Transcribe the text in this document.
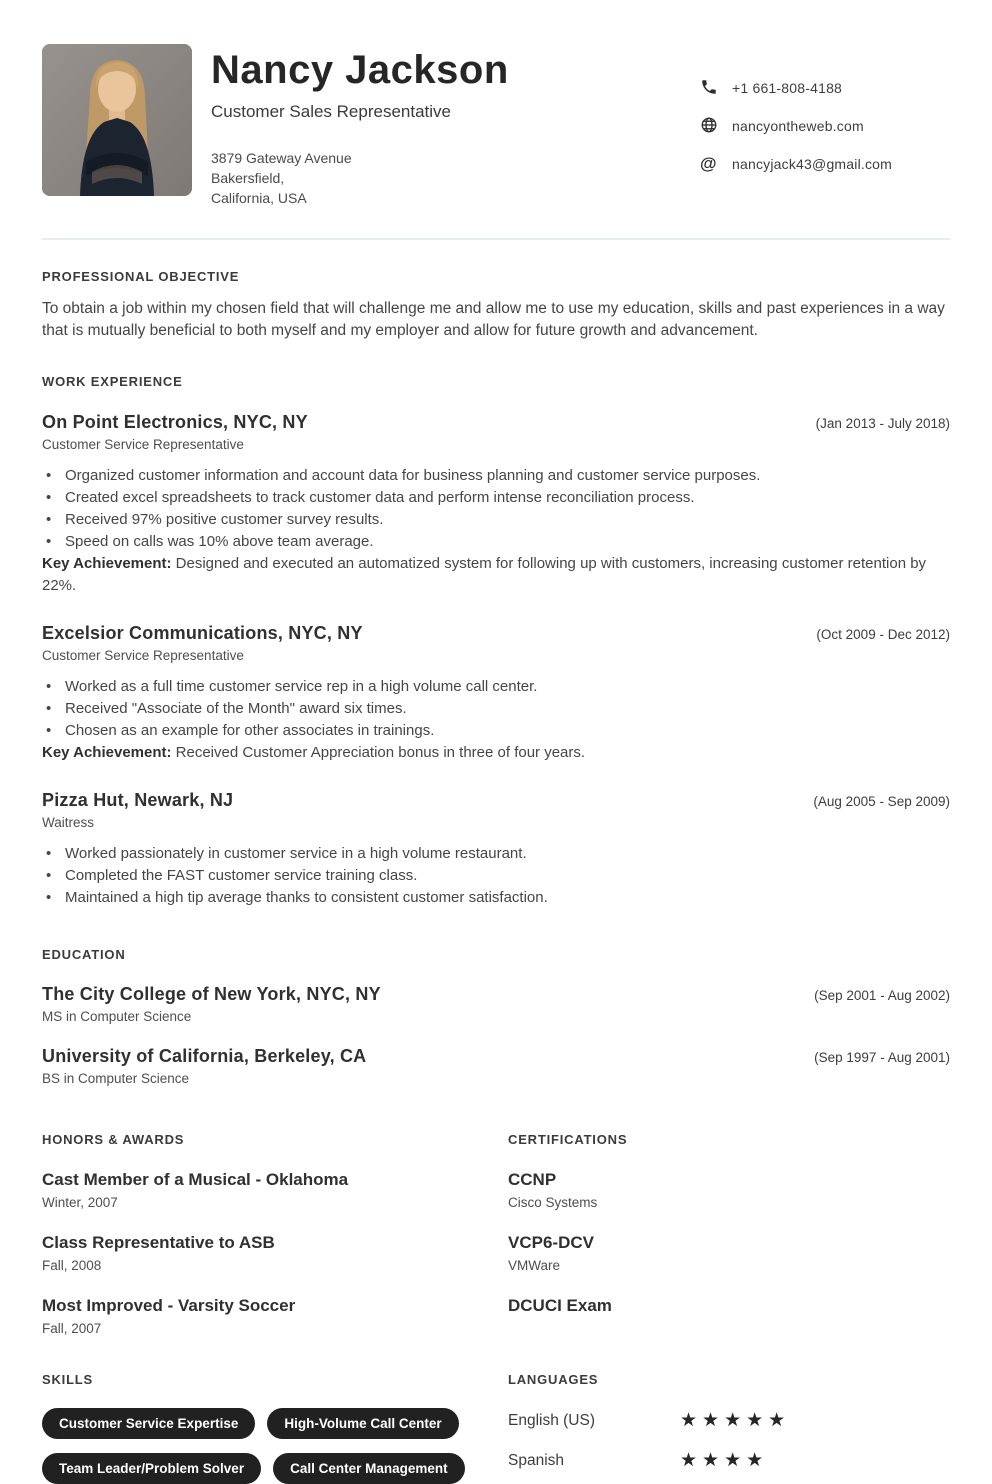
Nancy Jackson
Customer Sales Representative
3879 Gateway Avenue
Bakersfield,
California, USA
+1 661-808-4188
nancyontheweb.com
@ nancyjack43@gmail.com
PROFESSIONAL OBJECTIVE

To obtain a job within my chosen field that will challenge me and allow me to use my education, skills and past experiences in a way that is mutually beneficial to both myself and my employer and allow for future growth and advancement.

WORK EXPERIENCE
On Point Electronics, NYC, NY	(Jan 2013 - July 2018)
Customer Service Representative
• Organized customer information and account data for business planning and customer service purposes.
• Created excel spreadsheets to track customer data and perform intense reconciliation process.
• Received 97% positive customer survey results.
• Speed on calls was 10% above team average.
Key Achievement: Designed and executed an automatized system for following up with customers, increasing customer retention by 22%.
Excelsior Communications, NYC, NY	(Oct 2009 - Dec 2012)
Customer Service Representative
• Worked as a full time customer service rep in a high volume call center.
• Received "Associate of the Month" award six times.
• Chosen as an example for other associates in trainings.
Key Achievement: Received Customer Appreciation bonus in three of four years.
Pizza Hut, Newark, NJ	(Aug 2005 - Sep 2009)
Waitress
• Worked passionately in customer service in a high volume restaurant.
• Completed the FAST customer service training class.
• Maintained a high tip average thanks to consistent customer satisfaction.
EDUCATION
The City College of New York, NYC, NY	(Sep 2001 - Aug 2002)
MS in Computer Science
University of California, Berkeley, CA	(Sep 1997 - Aug 2001)
BS in Computer Science
HONORS & AWARDS
Cast Member of a Musical - Oklahoma
Winter, 2007
Class Representative to ASB
Fall, 2008
Most Improved - Varsity Soccer
Fall, 2007
CERTIFICATIONS
CCNP
Cisco Systems
VCP6-DCV
VMWare
DCUCI Exam
SKILLS
Customer Service Expertise	High-Volume Call Center
Team Leader/Problem Solver	Call Center Management
LANGUAGES
English (US)	★★★★★
Spanish	★★★★
